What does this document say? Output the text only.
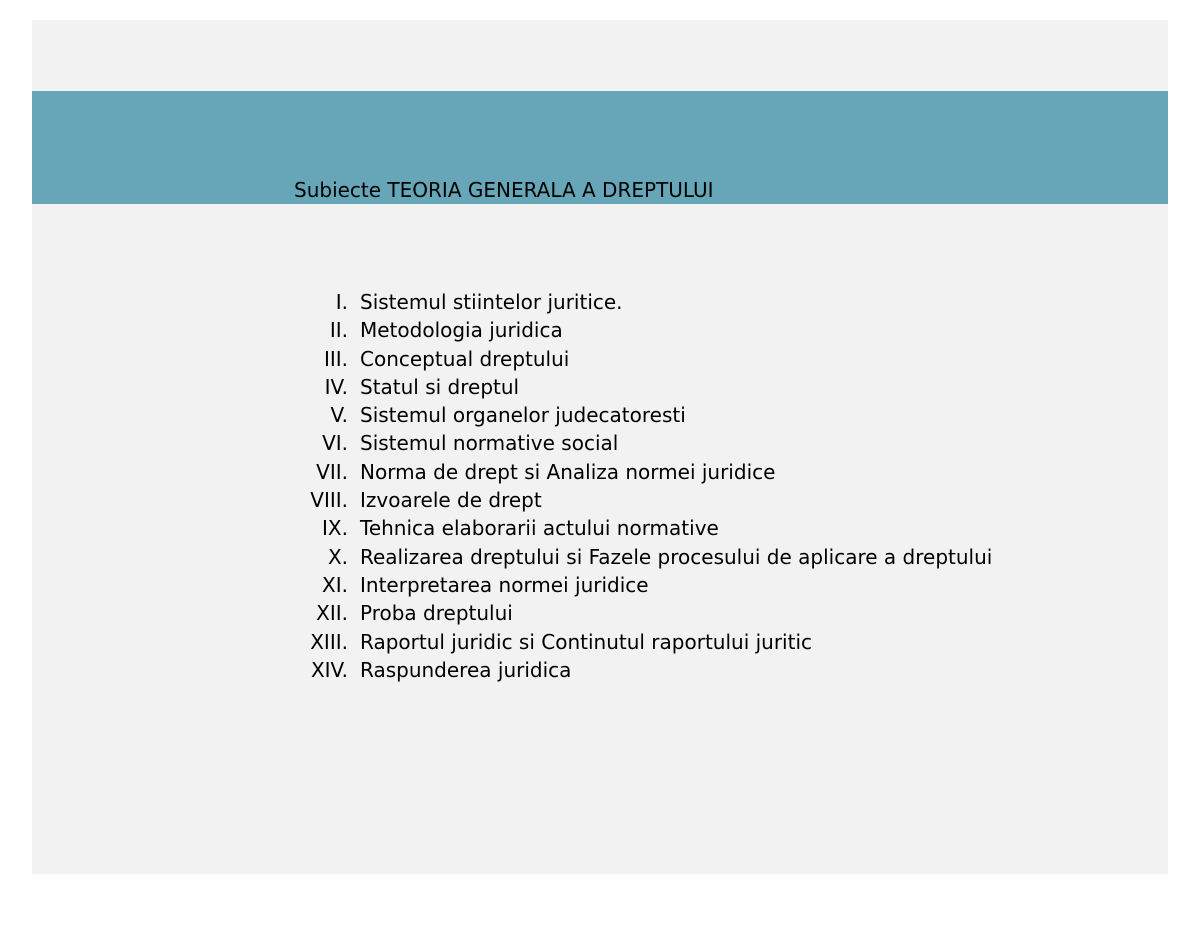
Subiecte TEORIA GENERALA A DREPTULUI
I. Sistemul stiintelor juritice.
II. Metodologia juridica
III. Conceptual dreptului
IV. Statul si dreptul
V. Sistemul organelor judecatoresti
VI. Sistemul normative social
VII. Norma de drept si Analiza normei juridice
VIII. Izvoarele de drept
IX. Tehnica elaborarii actului normative
X. Realizarea dreptului si Fazele procesului de aplicare a dreptului
XI. Interpretarea normei juridice
XII. Proba dreptului
XIII. Raportul juridic si Continutul raportului juritic
XIV. Raspunderea juridica
